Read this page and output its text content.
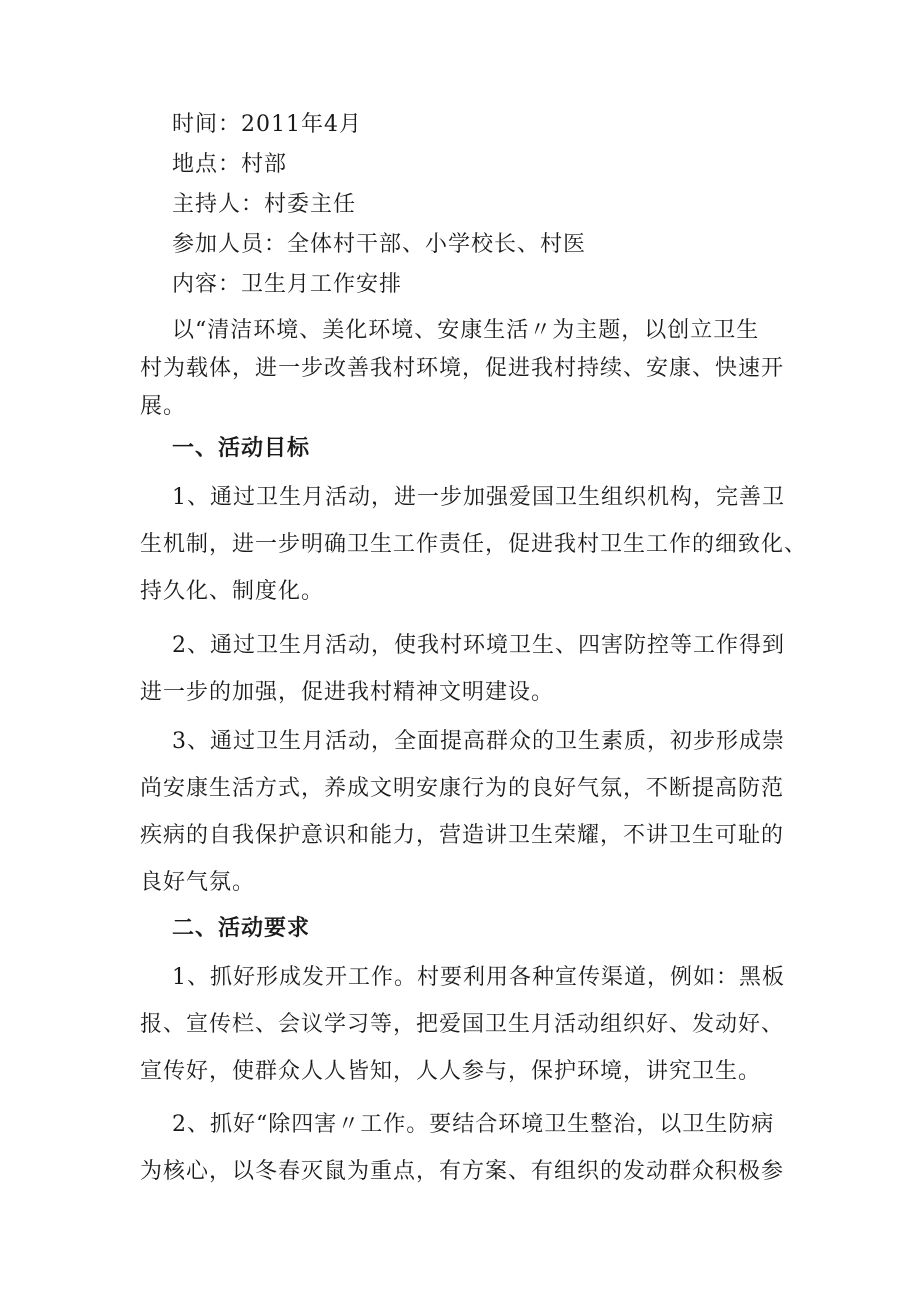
时间：2011年4月
地点：村部
主持人：村委主任
参加人员：全体村干部、小学校长、村医
内容：卫生月工作安排
以“清洁环境、美化环境、安康生活〃为主题，以创立卫生
村为载体，进一步改善我村环境，促进我村持续、安康、快速开
展。
一、活动目标
1、通过卫生月活动，进一步加强爱国卫生组织机构，完善卫
生机制，进一步明确卫生工作责任，促进我村卫生工作的细致化、
持久化、制度化。
2、通过卫生月活动，使我村环境卫生、四害防控等工作得到
进一步的加强，促进我村精神文明建设。
3、通过卫生月活动，全面提高群众的卫生素质，初步形成崇
尚安康生活方式，养成文明安康行为的良好气氛，不断提高防范
疾病的自我保护意识和能力，营造讲卫生荣耀，不讲卫生可耻的
良好气氛。
二、活动要求
1、抓好形成发开工作。村要利用各种宣传渠道，例如：黑板
报、宣传栏、会议学习等，把爱国卫生月活动组织好、发动好、
宣传好，使群众人人皆知，人人参与，保护环境，讲究卫生。
2、抓好“除四害〃工作。要结合环境卫生整治，以卫生防病
为核心，以冬春灭鼠为重点，有方案、有组织的发动群众积极参
